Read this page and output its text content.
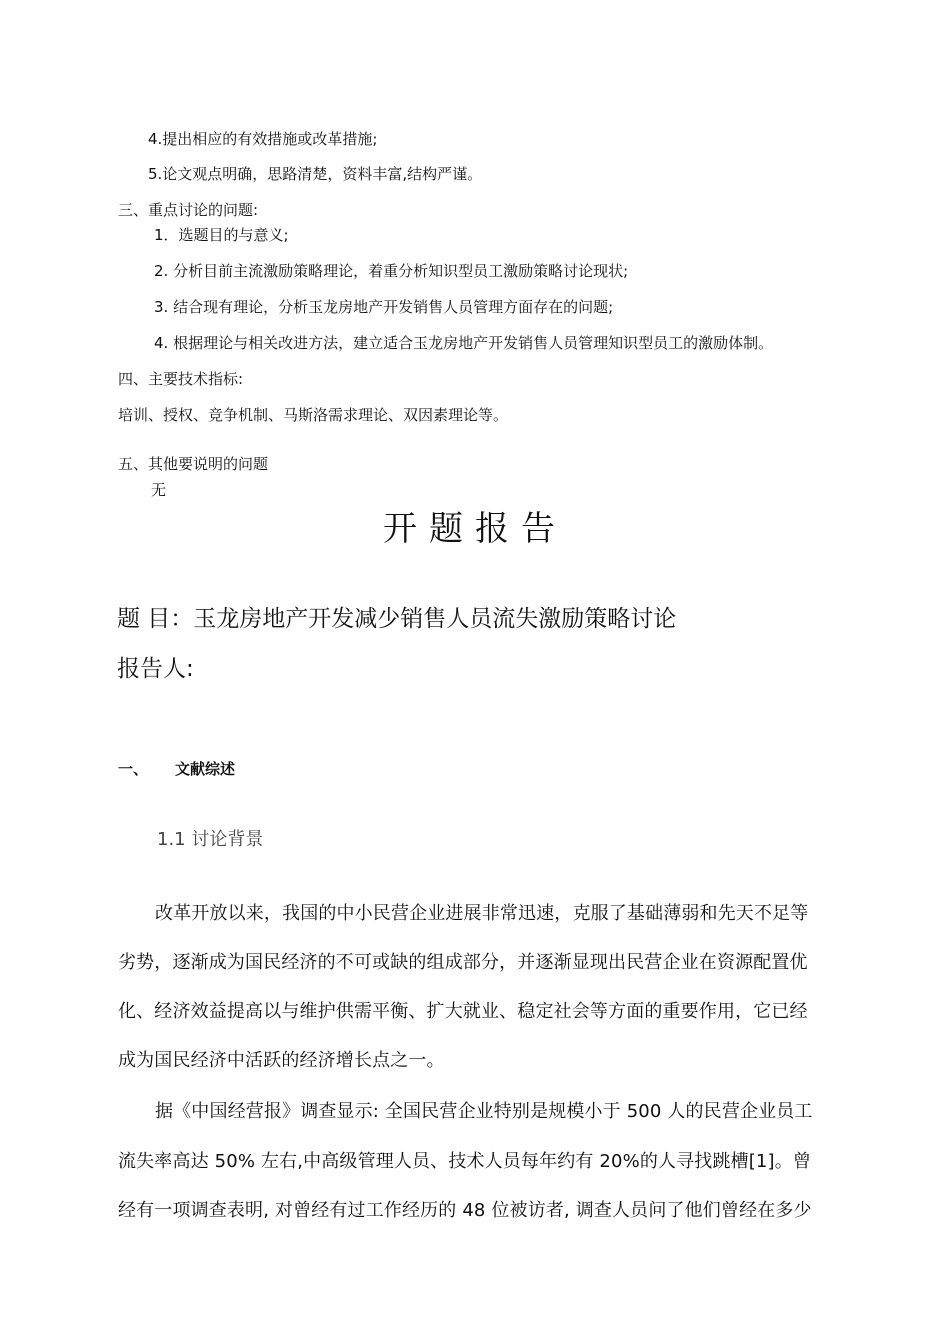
4.提出相应的有效措施或改革措施;
5.论文观点明确，思路清楚，资料丰富,结构严谨。
三、重点讨论的问题:
1．选题目的与意义;
2. 分析目前主流激励策略理论，着重分析知识型员工激励策略讨论现状;
3. 结合现有理论，分析玉龙房地产开发销售人员管理方面存在的问题;
4. 根据理论与相关改进方法，建立适合玉龙房地产开发销售人员管理知识型员工的激励体制。
四、主要技术指标:
培训、授权、竞争机制、马斯洛需求理论、双因素理论等。
五、其他要说明的问题
无
开题报告
题 目：玉龙房地产开发减少销售人员流失激励策略讨论
报告人:
一、 文献综述
1.1 讨论背景
改革开放以来，我国的中小民营企业进展非常迅速，克服了基础薄弱和先天不足等
劣势，逐渐成为国民经济的不可或缺的组成部分，并逐渐显现出民营企业在资源配置优
化、经济效益提高以与维护供需平衡、扩大就业、稳定社会等方面的重要作用，它已经
成为国民经济中活跃的经济增长点之一。
据《中国经营报》调查显示: 全国民营企业特别是规模小于 500 人的民营企业员工
流失率高达 50% 左右,中高级管理人员、技术人员每年约有 20%的人寻找跳槽[1]。曾
经有一项调查表明, 对曾经有过工作经历的 48 位被访者, 调查人员问了他们曾经在多少
